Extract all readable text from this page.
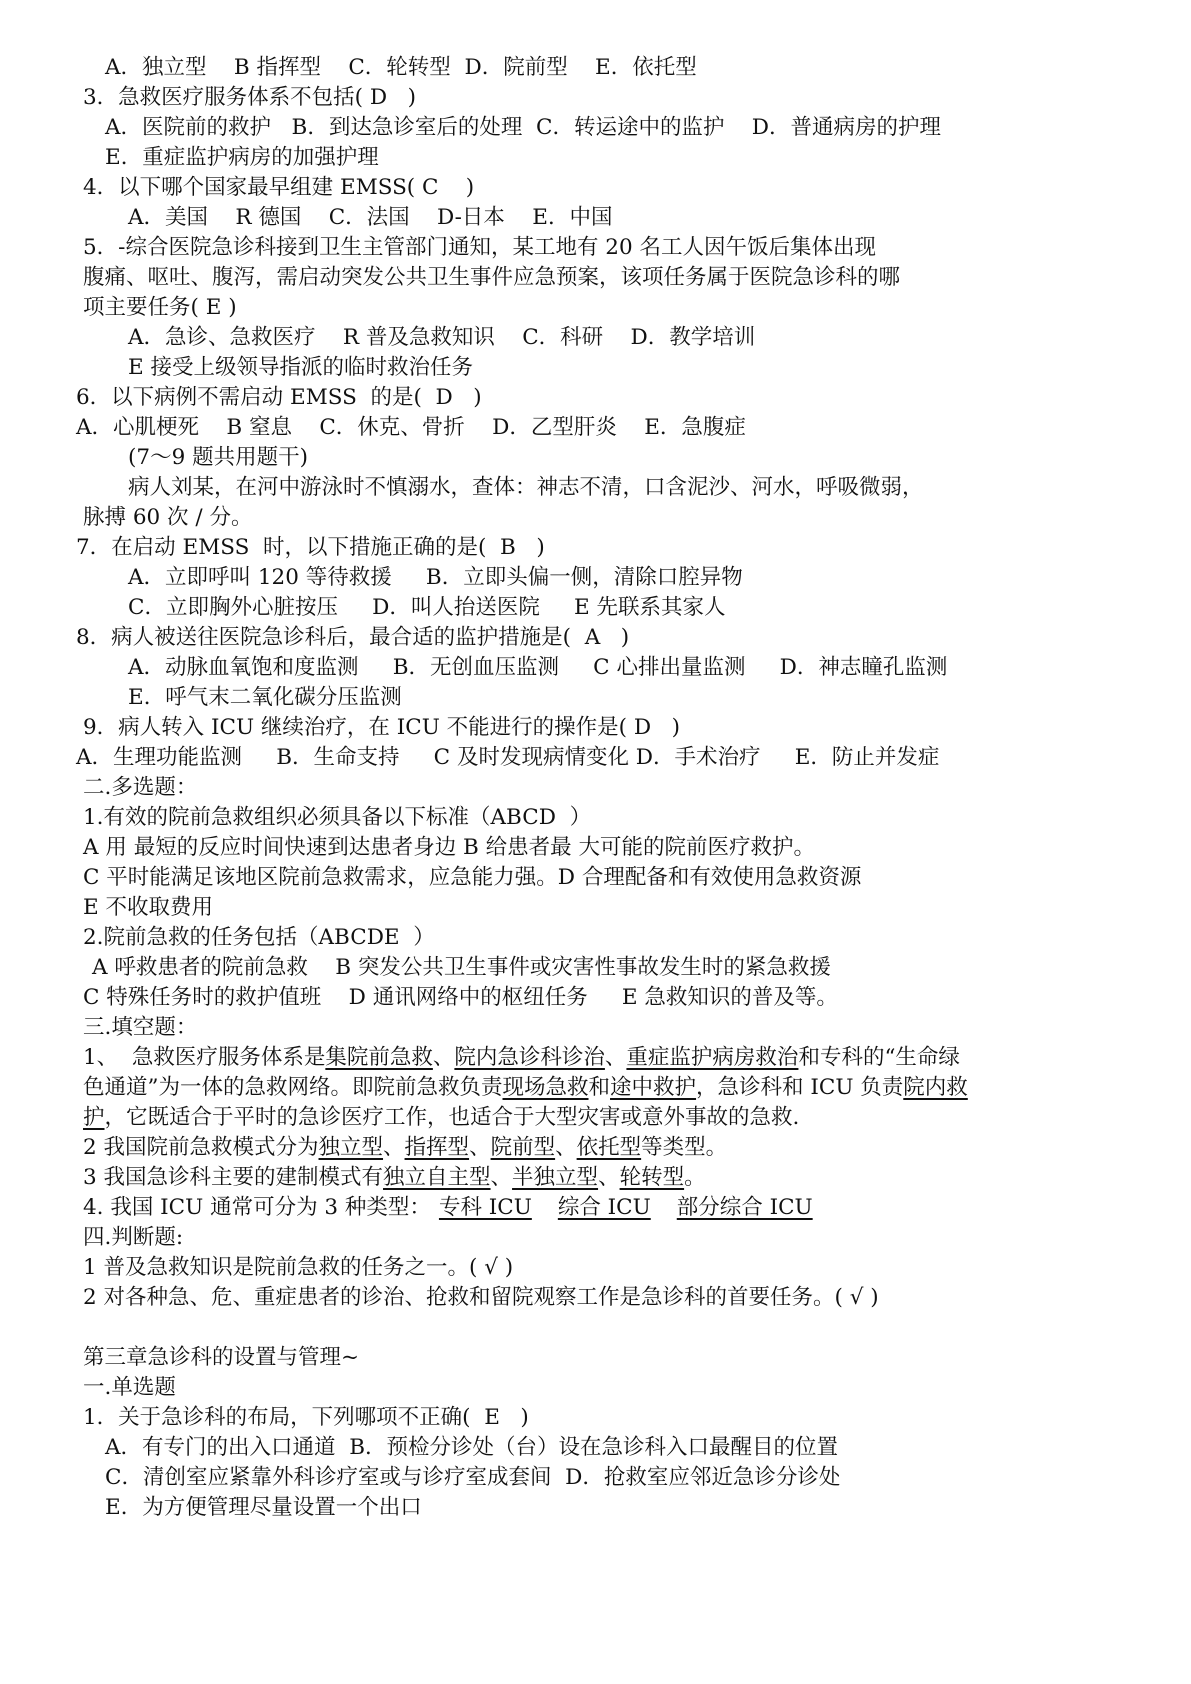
A．独立型    B 指挥型    C．轮转型  D．院前型    E．依托型
3．急救医疗服务体系不包括( D   )
A．医院前的救护   B．到达急诊室后的处理  C．转运途中的监护    D．普通病房的护理
E．重症监护病房的加强护理
4．以下哪个国家最早组建 EMSS( C    )
A．美国    R 德国    C．法国    D-日本    E．中国
5．-综合医院急诊科接到卫生主管部门通知，某工地有 20 名工人因午饭后集体出现
腹痛、呕吐、腹泻，需启动突发公共卫生事件应急预案，该项任务属于医院急诊科的哪
项主要任务( E )
A．急诊、急救医疗    R 普及急救知识    C．科研    D．教学培训
E 接受上级领导指派的临时救治任务
6．以下病例不需启动 EMSS  的是(  D   )
A．心肌梗死    B 窒息    C．休克、骨折    D．乙型肝炎    E．急腹症
(7～9 题共用题干)
病人刘某，在河中游泳时不慎溺水，查体：神志不清，口含泥沙、河水，呼吸微弱，
脉搏 60 次 / 分。
7．在启动 EMSS  时，以下措施正确的是(  B   )
A．立即呼叫 120 等待救援     B．立即头偏一侧，清除口腔异物
C．立即胸外心脏按压     D．叫人抬送医院     E 先联系其家人
8．病人被送往医院急诊科后，最合适的监护措施是(  A   )
A．动脉血氧饱和度监测     B．无创血压监测     C 心排出量监测     D．神志瞳孔监测
E．呼气末二氧化碳分压监测
9．病人转入 ICU 继续治疗，在 ICU 不能进行的操作是( D   )
A．生理功能监测     B．生命支持     C 及时发现病情变化 D．手术治疗     E．防止并发症
二.多选题：
1.有效的院前急救组织必须具备以下标准（ABCD  ）
A 用 最短的反应时间快速到达患者身边 B 给患者最 大可能的院前医疗救护。
C 平时能满足该地区院前急救需求，应急能力强。D 合理配备和有效使用急救资源
E 不收取费用
2.院前急救的任务包括（ABCDE  ）
A 呼救患者的院前急救    B 突发公共卫生事件或灾害性事故发生时的紧急救援
C 特殊任务时的救护值班    D 通讯网络中的枢纽任务     E 急救知识的普及等。
三.填空题：
1、  急救医疗服务体系是集院前急救、院内急诊科诊治、重症监护病房救治和专科的“生命绿
色通道”为一体的急救网络。即院前急救负责现场急救和途中救护，急诊科和 ICU 负责院内救
护，它既适合于平时的急诊医疗工作，也适合于大型灾害或意外事故的急救.
2 我国院前急救模式分为独立型、指挥型、院前型、依托型等类型。
3 我国急诊科主要的建制模式有独立自主型、半独立型、轮转型。
4. 我国 ICU 通常可分为 3 种类型： 专科 ICU 综合 ICU 部分综合 ICU
四.判断题:
1 普及急救知识是院前急救的任务之一。( √ )
2 对各种急、危、重症患者的诊治、抢救和留院观察工作是急诊科的首要任务。( √ )
第三章急诊科的设置与管理~
一.单选题
1．关于急诊科的布局，下列哪项不正确(  E   )
A．有专门的出入口通道  B．预检分诊处（台）设在急诊科入口最醒目的位置
C．清创室应紧靠外科诊疗室或与诊疗室成套间  D．抢救室应邻近急诊分诊处
E．为方便管理尽量设置一个出口
